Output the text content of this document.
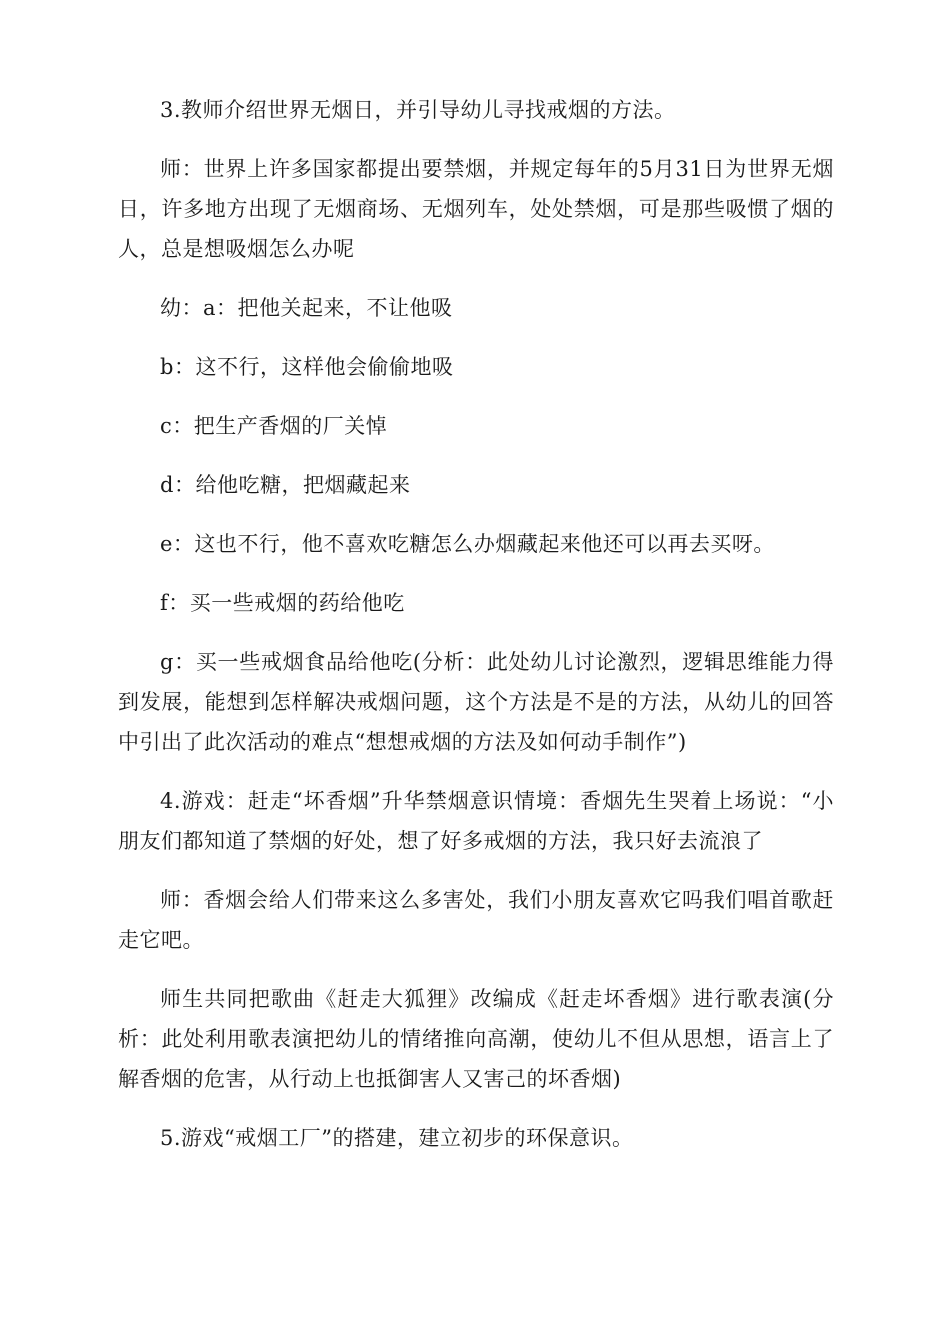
3.教师介绍世界无烟日，并引导幼儿寻找戒烟的方法。

师：世界上许多国家都提出要禁烟，并规定每年的5月31日为世界无烟日，许多地方出现了无烟商场、无烟列车，处处禁烟，可是那些吸惯了烟的人，总是想吸烟怎么办呢

幼：a：把他关起来，不让他吸

b：这不行，这样他会偷偷地吸

c：把生产香烟的厂关悼

d：给他吃糖，把烟藏起来

e：这也不行，他不喜欢吃糖怎么办烟藏起来他还可以再去买呀。

f：买一些戒烟的药给他吃

g：买一些戒烟食品给他吃(分析：此处幼儿讨论激烈，逻辑思维能力得到发展，能想到怎样解决戒烟问题，这个方法是不是的方法，从幼儿的回答中引出了此次活动的难点“想想戒烟的方法及如何动手制作”)

4.游戏：赶走“坏香烟”升华禁烟意识情境：香烟先生哭着上场说：“小朋友们都知道了禁烟的好处，想了好多戒烟的方法，我只好去流浪了

师：香烟会给人们带来这么多害处，我们小朋友喜欢它吗我们唱首歌赶走它吧。

师生共同把歌曲《赶走大狐狸》改编成《赶走坏香烟》进行歌表演(分析：此处利用歌表演把幼儿的情绪推向高潮，使幼儿不但从思想，语言上了解香烟的危害，从行动上也抵御害人又害己的坏香烟)

5.游戏“戒烟工厂”的搭建，建立初步的环保意识。
